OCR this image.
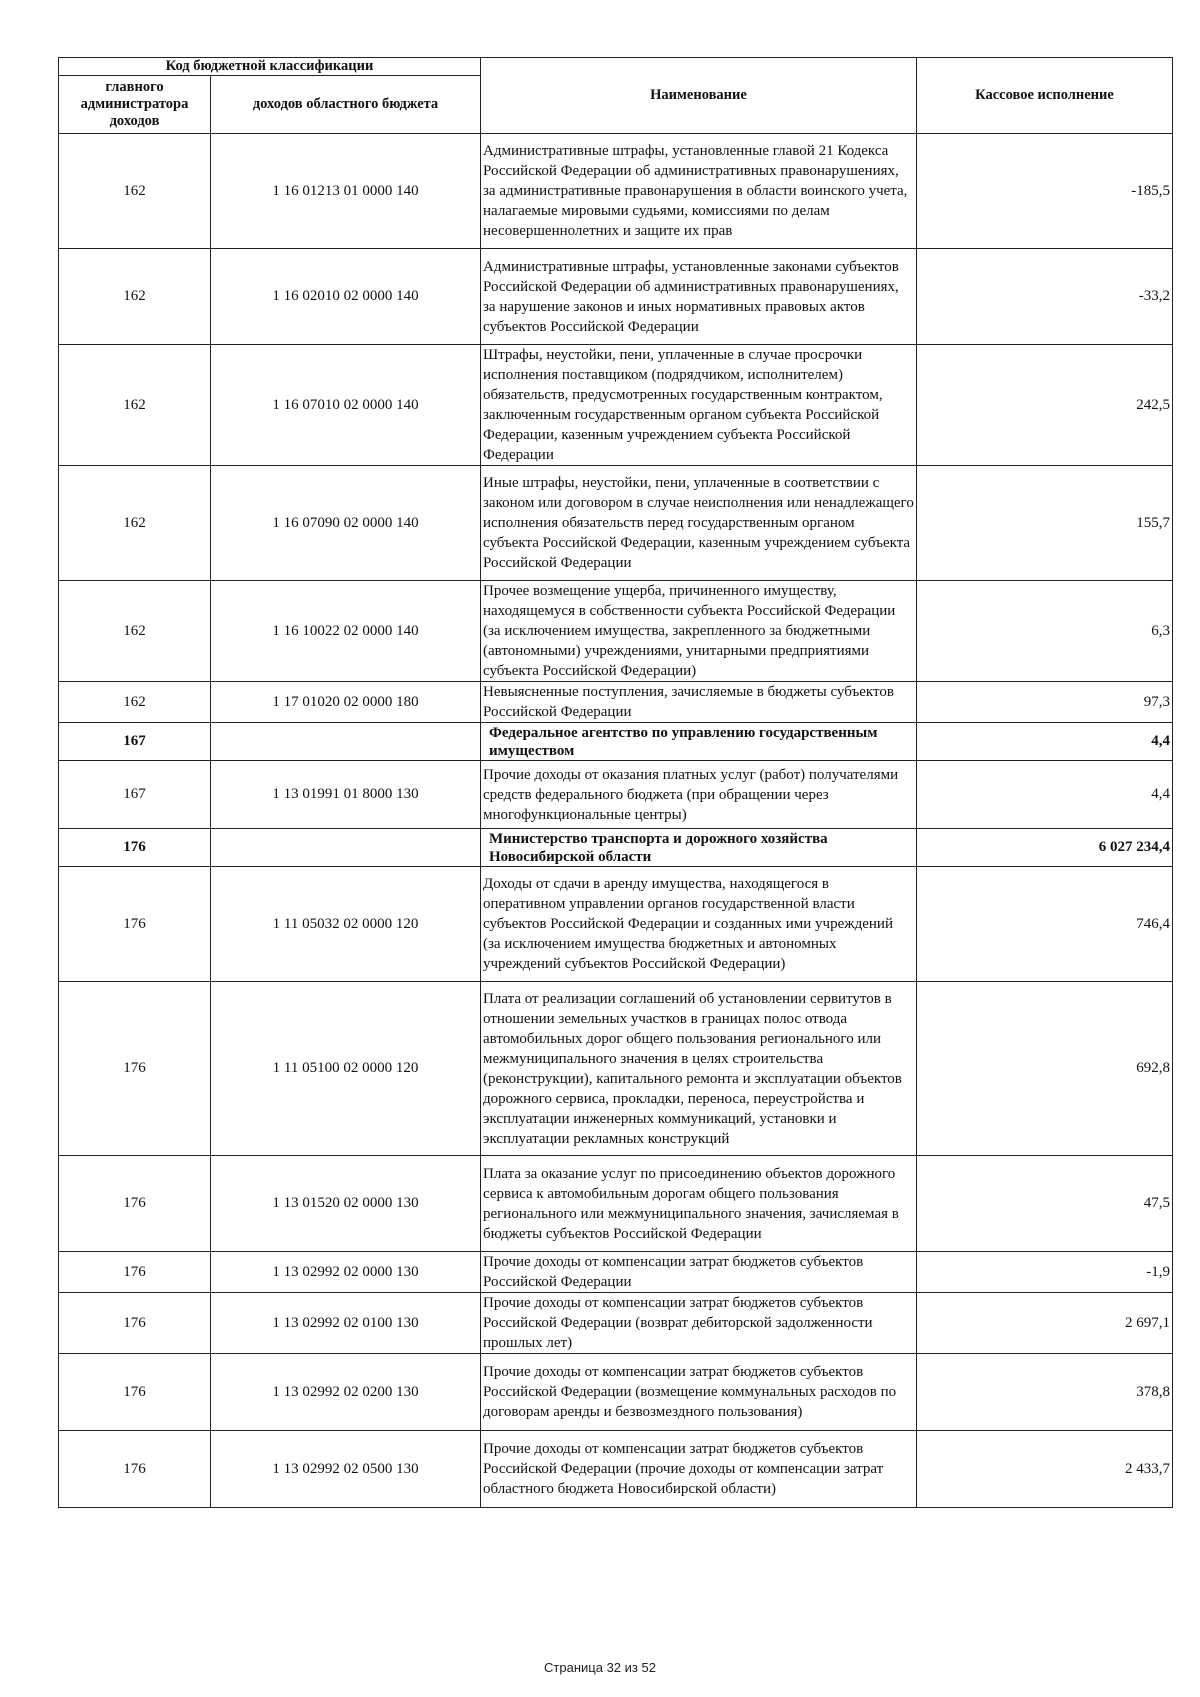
Код бюджетной классификации		Наименование	Кассовое исполнение
главного администратора доходов	доходов областного бюджета		
162	1 16 01213 01 0000 140	Административные штрафы, установленные главой 21 Кодекса Российской Федерации об административных правонарушениях, за административные правонарушения в области воинского учета, налагаемые мировыми судьями, комиссиями по делам несовершеннолетних и защите их прав	-185,5
162	1 16 02010 02 0000 140	Административные штрафы, установленные законами субъектов Российской Федерации об административных правонарушениях, за нарушение законов и иных нормативных правовых актов субъектов Российской Федерации	-33,2
162	1 16 07010 02 0000 140	Штрафы, неустойки, пени, уплаченные в случае просрочки исполнения поставщиком (подрядчиком, исполнителем) обязательств, предусмотренных государственным контрактом, заключенным государственным органом субъекта Российской Федерации, казенным учреждением субъекта Российской Федерации	242,5
162	1 16 07090 02 0000 140	Иные штрафы, неустойки, пени, уплаченные в соответствии с законом или договором в случае неисполнения или ненадлежащего исполнения обязательств перед государственным органом субъекта Российской Федерации, казенным учреждением субъекта Российской Федерации	155,7
162	1 16 10022 02 0000 140	Прочее возмещение ущерба, причиненного имуществу, находящемуся в собственности субъекта Российской Федерации (за исключением имущества, закрепленного за бюджетными (автономными) учреждениями, унитарными предприятиями субъекта Российской Федерации)	6,3
162	1 17 01020 02 0000 180	Невыясненные поступления, зачисляемые в бюджеты субъектов Российской Федерации	97,3
167		Федеральное агентство по управлению государственным имуществом	4,4
167	1 13 01991 01 8000 130	Прочие доходы от оказания платных услуг (работ) получателями средств федерального бюджета (при обращении через многофункциональные центры)	4,4
176		Министерство транспорта и дорожного хозяйства Новосибирской области	6 027 234,4
176	1 11 05032 02 0000 120	Доходы от сдачи в аренду имущества, находящегося в оперативном управлении органов государственной власти субъектов Российской Федерации и созданных ими учреждений (за исключением имущества бюджетных и автономных учреждений субъектов Российской Федерации)	746,4
176	1 11 05100 02 0000 120	Плата от реализации соглашений об установлении сервитутов в отношении земельных участков в границах полос отвода автомобильных дорог общего пользования регионального или межмуниципального значения в целях строительства (реконструкции), капитального ремонта и эксплуатации объектов дорожного сервиса, прокладки, переноса, переустройства и эксплуатации инженерных коммуникаций, установки и эксплуатации рекламных конструкций	692,8
176	1 13 01520 02 0000 130	Плата за оказание услуг по присоединению объектов дорожного сервиса к автомобильным дорогам общего пользования регионального или межмуниципального значения, зачисляемая в бюджеты субъектов Российской Федерации	47,5
176	1 13 02992 02 0000 130	Прочие доходы от компенсации затрат бюджетов субъектов Российской Федерации	-1,9
176	1 13 02992 02 0100 130	Прочие доходы от компенсации затрат бюджетов субъектов Российской Федерации (возврат дебиторской задолженности прошлых лет)	2 697,1
176	1 13 02992 02 0200 130	Прочие доходы от компенсации затрат бюджетов субъектов Российской Федерации (возмещение коммунальных расходов по договорам аренды и безвозмездного пользования)	378,8
176	1 13 02992 02 0500 130	Прочие доходы от компенсации затрат бюджетов субъектов Российской Федерации (прочие доходы от компенсации затрат областного бюджета Новосибирской области)	2 433,7
Страница 32 из 52
